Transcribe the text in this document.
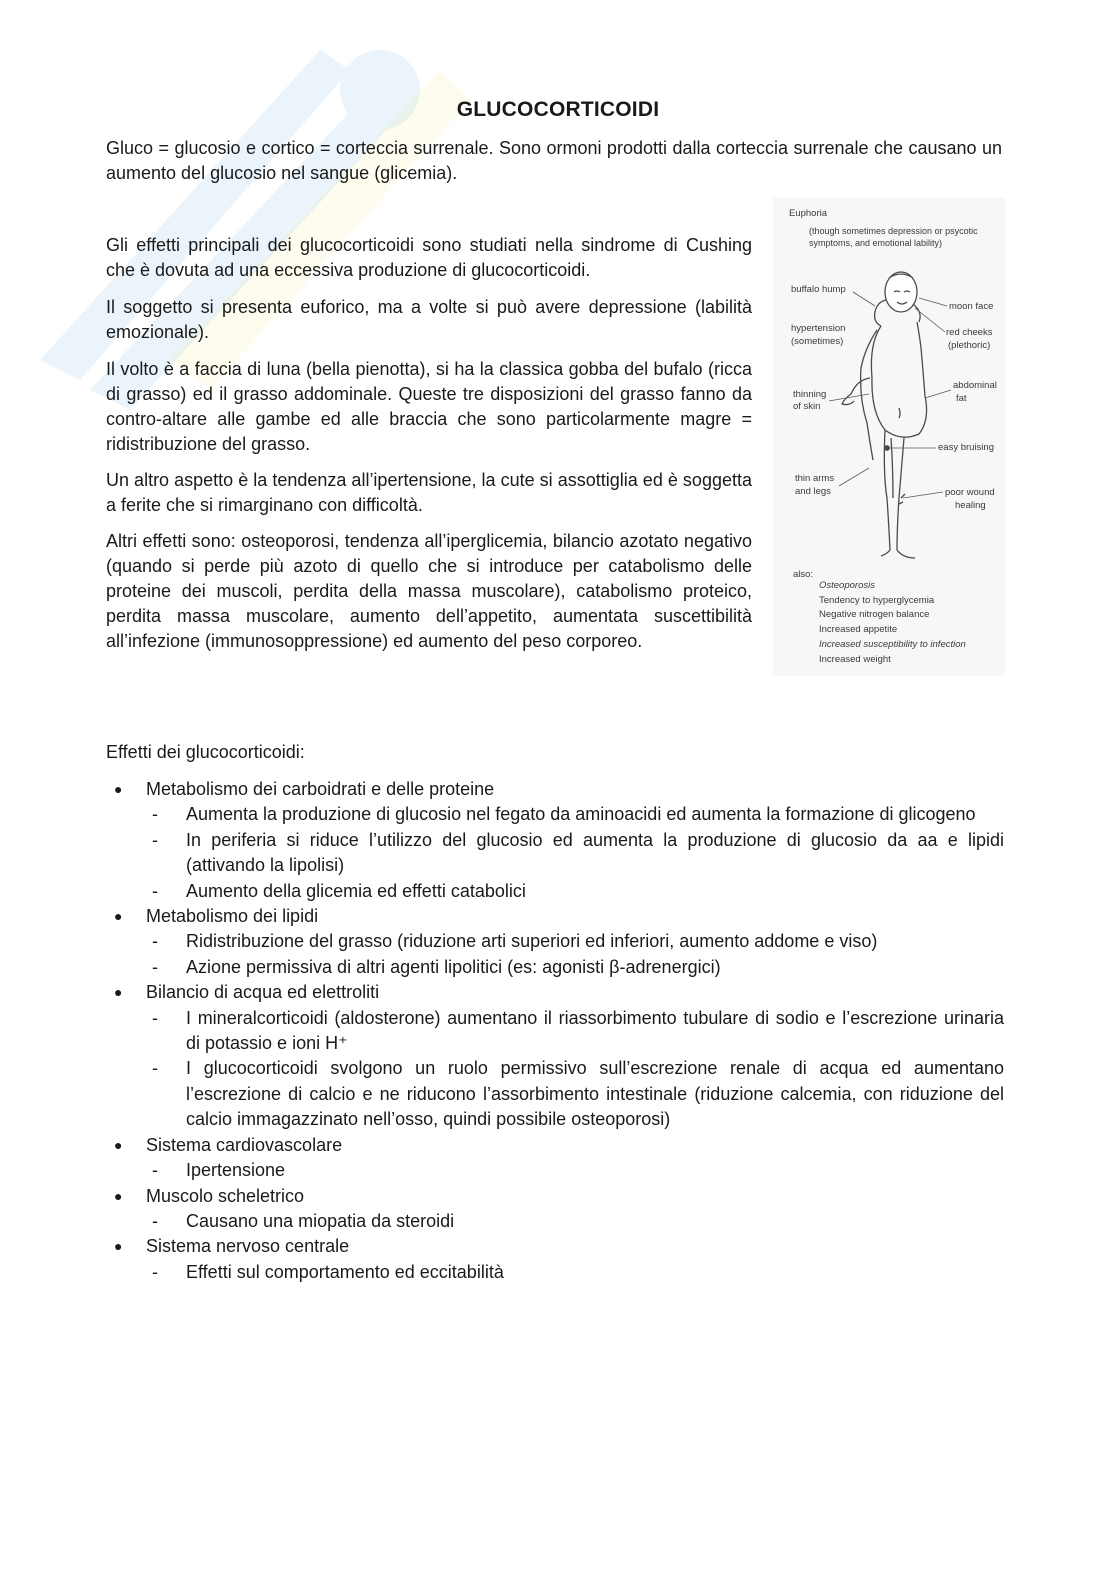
GLUCOCORTICOIDI

Gluco = glucosio e cortico = corteccia surrenale. Sono ormoni prodotti dalla corteccia surrenale che causano un aumento del glucosio nel sangue (glicemia).

Gli effetti principali dei glucocorticoidi sono studiati nella sindrome di Cushing che è dovuta ad una eccessiva produzione di glucocorticoidi.

Il soggetto si presenta euforico, ma a volte si può avere depressione (labilità emozionale).

Il volto è a faccia di luna (bella pienotta), si ha la classica gobba del bufalo (ricca di grasso) ed il grasso addominale. Queste tre disposizioni del grasso fanno da contro-altare alle gambe ed alle braccia che sono particolarmente magre = ridistribuzione del grasso.

Un altro aspetto è la tendenza all’ipertensione, la cute si assottiglia ed è soggetta a ferite che si rimarginano con difficoltà.

Altri effetti sono: osteoporosi, tendenza all’iperglicemia, bilancio azotato negativo (quando si perde più azoto di quello che si introduce per catabolismo delle proteine dei muscoli, perdita della massa muscolare), catabolismo proteico, perdita massa muscolare, aumento dell’appetito, aumentata suscettibilità all’infezione (immunosoppressione) ed aumento del peso corporeo.

Euphoria
(though sometimes depression or psycotic
symptoms, and emotional lability)
buffalo hump
moon face
hypertension
(sometimes)
red cheeks
(plethoric)
abdominal
fat
thinning
of skin
easy bruising
thin arms
and legs	poor wound
healing
also:
Osteoporosis
Tendency to hyperglycemia
Negative nitrogen balance
Increased appetite
Increased susceptibility to infection
Increased weight

Effetti dei glucocorticoidi:

● Metabolismo dei carboidrati e delle proteine
- Aumenta la produzione di glucosio nel fegato da aminoacidi ed aumenta la formazione di glicogeno
- In periferia si riduce l’utilizzo del glucosio ed aumenta la produzione di glucosio da aa e lipidi (attivando la lipolisi)
- Aumento della glicemia ed effetti catabolici
● Metabolismo dei lipidi
- Ridistribuzione del grasso (riduzione arti superiori ed inferiori, aumento addome e viso)
- Azione permissiva di altri agenti lipolitici (es: agonisti β-adrenergici)
● Bilancio di acqua ed elettroliti
- I mineralcorticoidi (aldosterone) aumentano il riassorbimento tubulare di sodio e l’escrezione urinaria di potassio e ioni H⁺
- I glucocorticoidi svolgono un ruolo permissivo sull’escrezione renale di acqua ed aumentano l’escrezione di calcio e ne riducono l’assorbimento intestinale (riduzione calcemia, con riduzione del calcio immagazzinato nell’osso, quindi possibile osteoporosi)
● Sistema cardiovascolare
- Ipertensione
● Muscolo scheletrico
- Causano una miopatia da steroidi
● Sistema nervoso centrale
- Effetti sul comportamento ed eccitabilità
